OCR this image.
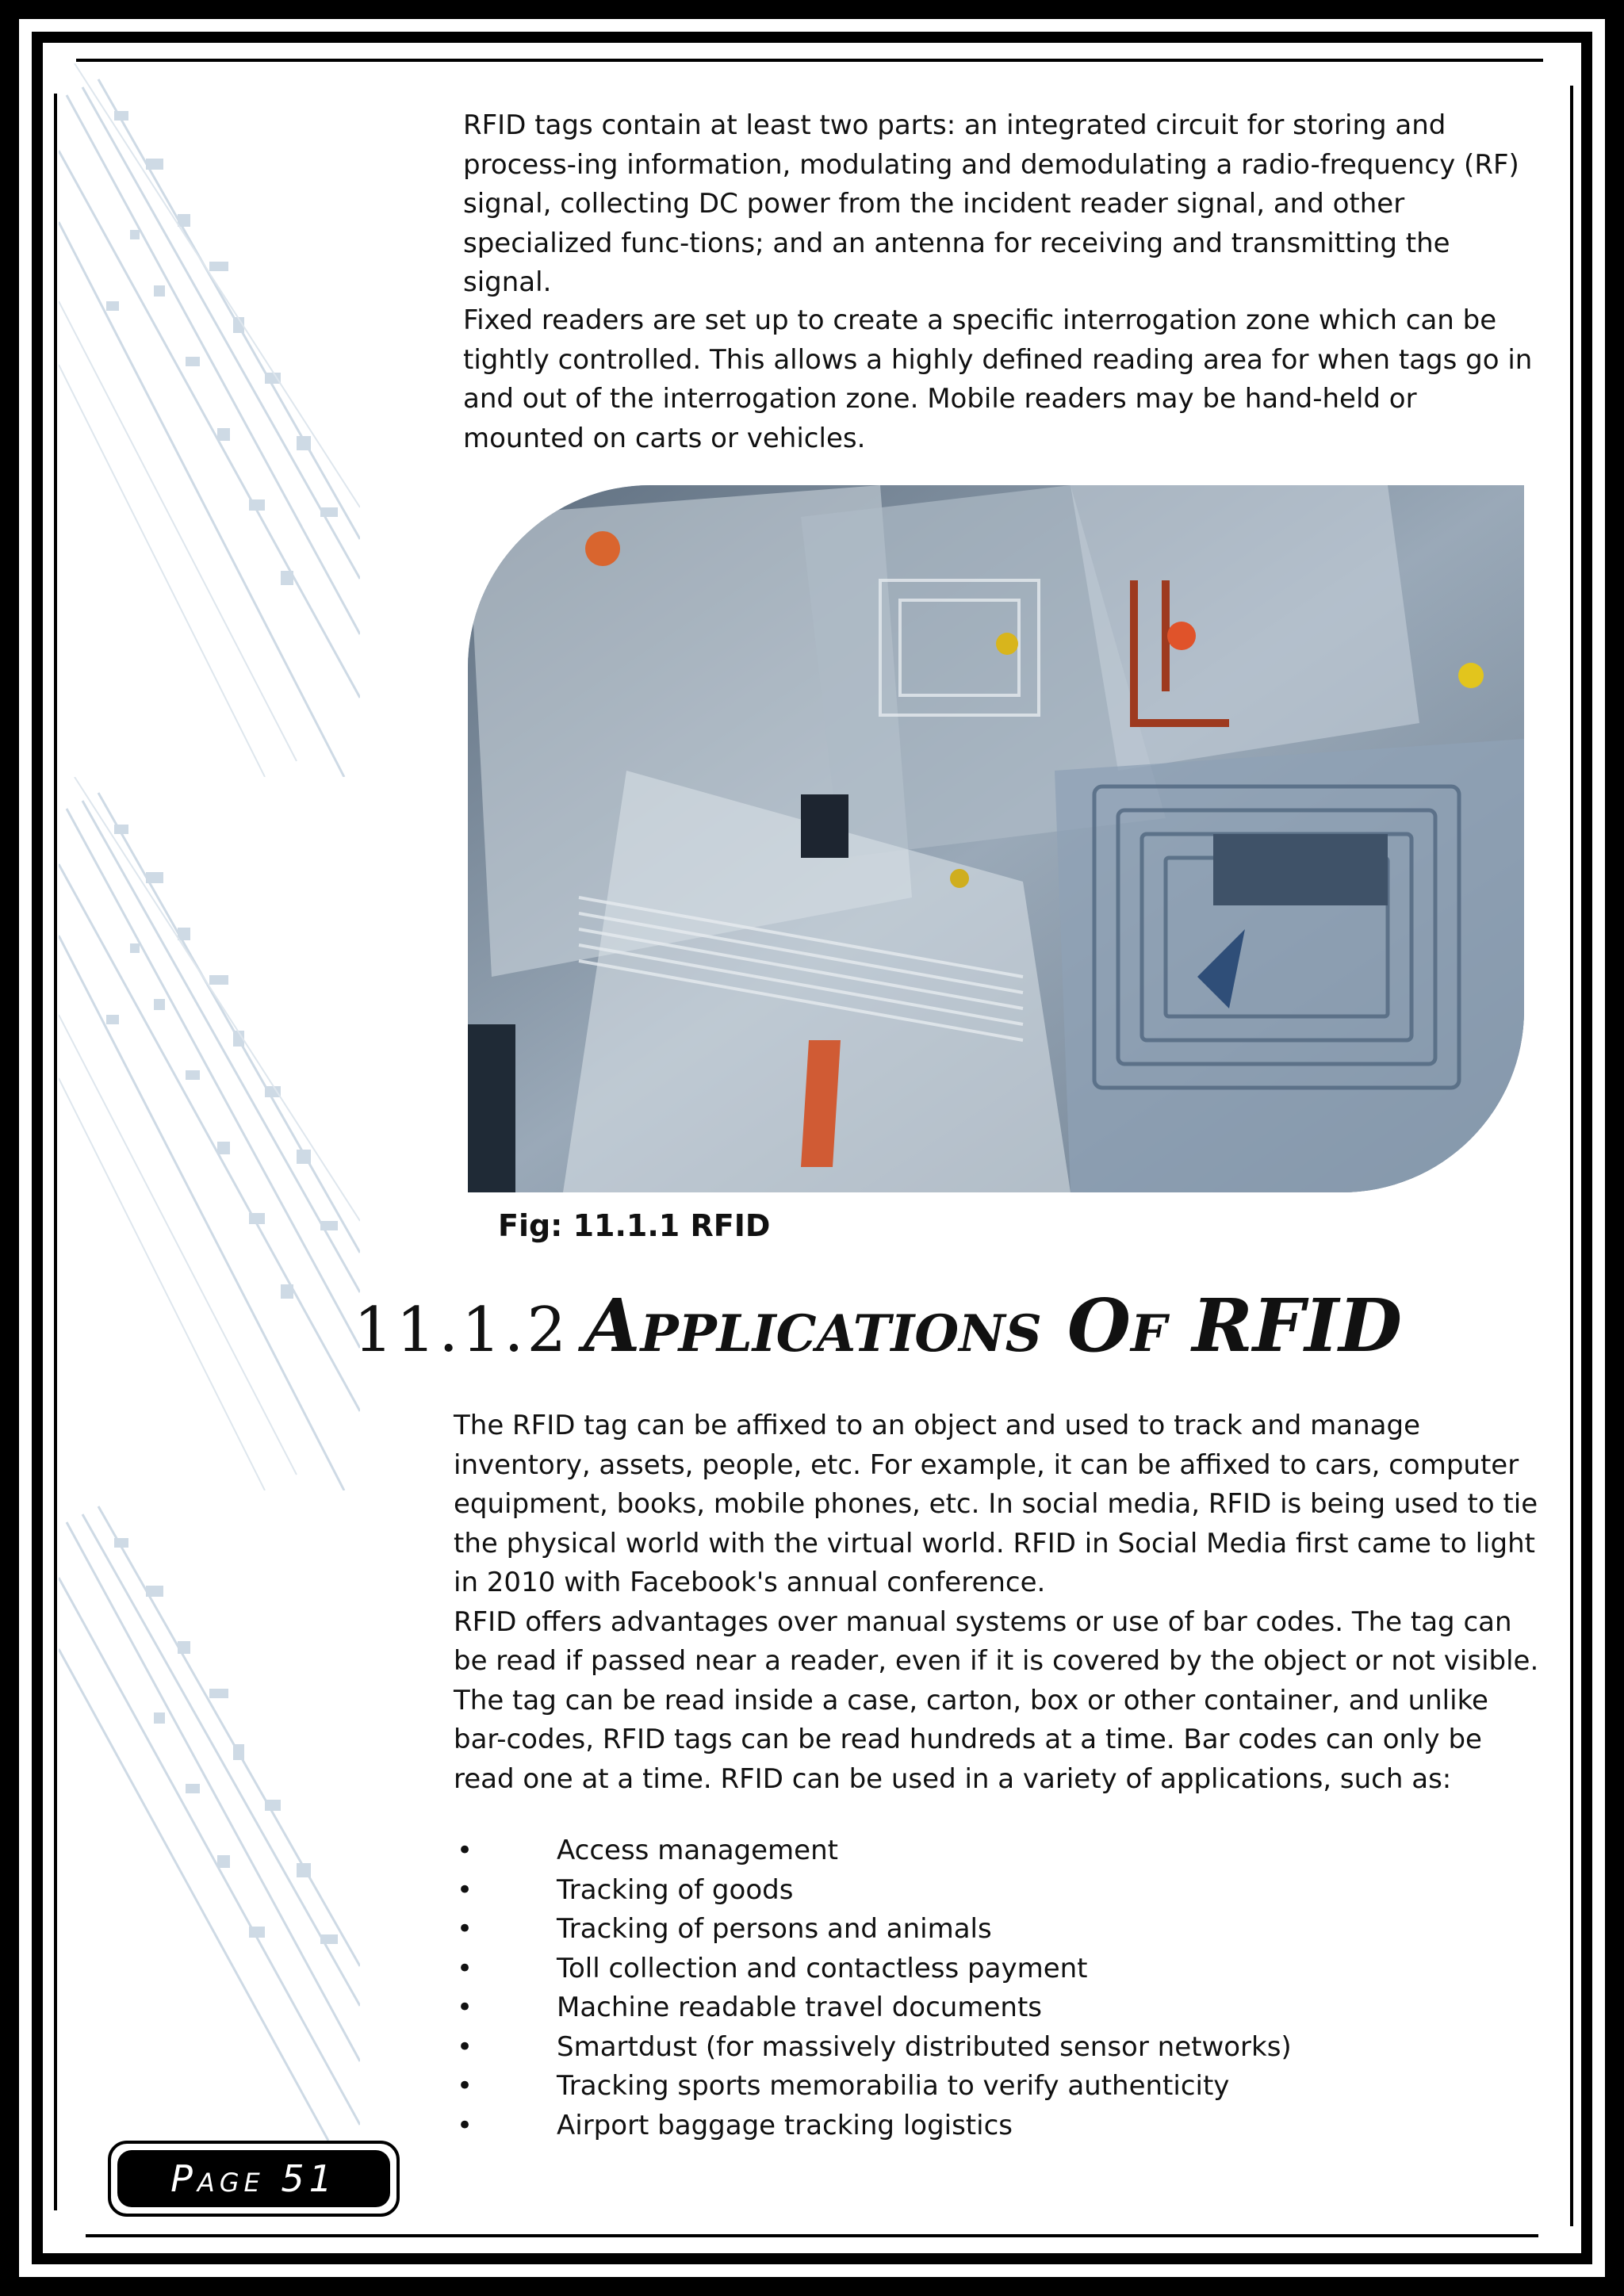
RFID tags contain at least two parts: an integrated circuit for storing and process-ing information, modulating and demodulating a radio-frequency (RF) signal, collecting DC power from the incident reader signal, and other specialized func-tions; and an antenna for receiving and transmitting the signal.

Fixed readers are set up to create a specific interrogation zone which can be tightly controlled. This allows a highly defined reading area for when tags go in and out of the interrogation zone. Mobile readers may be hand-held or mounted on carts or vehicles.

Fig: 11.1.1 RFID
11.1.2 Applications Of RFID

The RFID tag can be affixed to an object and used to track and manage inventory, assets, people, etc. For example, it can be affixed to cars, computer equipment, books, mobile phones, etc. In social media, RFID is being used to tie the physical world with the virtual world. RFID in Social Media first came to light in 2010 with Facebook's annual conference.

RFID offers advantages over manual systems or use of bar codes. The tag can be read if passed near a reader, even if it is covered by the object or not visible. The tag can be read inside a case, carton, box or other container, and unlike bar-codes, RFID tags can be read hundreds at a time. Bar codes can only be read one at a time. RFID can be used in a variety of applications, such as:

•	Access management
•	Tracking of goods
•	Tracking of persons and animals
•	Toll collection and contactless payment
•	Machine readable travel documents
•	Smartdust (for massively distributed sensor networks)
•	Tracking sports memorabilia to verify authenticity
•	Airport baggage tracking logistics
Page 51
